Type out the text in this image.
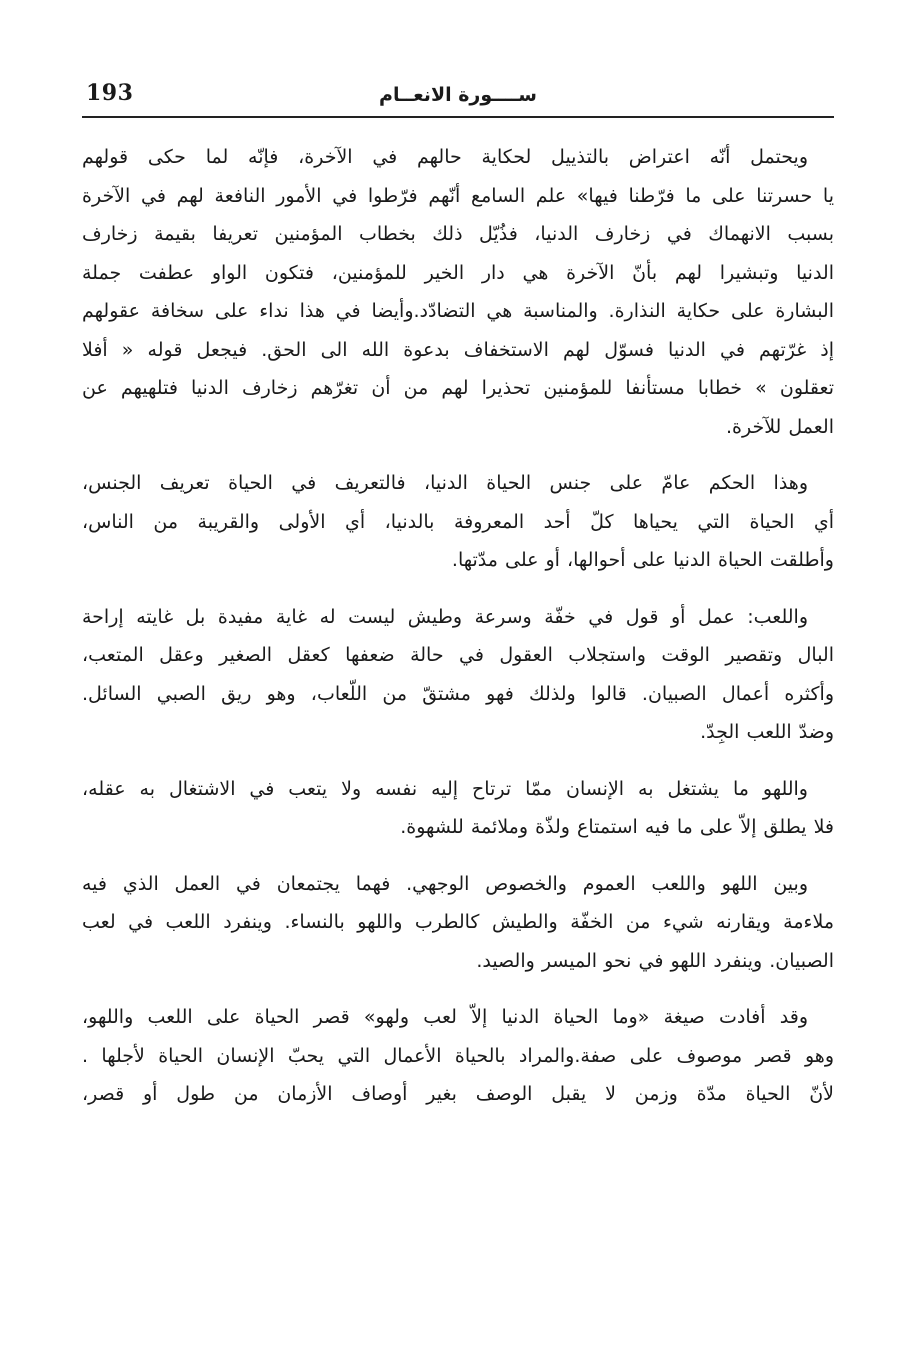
193	ســــورة الانعــام

ويحتمل أنّه اعتراض بالتذييل لحكاية حالهم في الآخرة، فإنّه لما حكى قولهم
يا حسرتنا على ما فرّطنا فيها» علم السامع أنّهم فرّطوا في الأمور النافعة لهم في الآخرة
بسبب الانهماك في زخارف الدنيا، فذُيّل ذلك بخطاب المؤمنين تعريفا بقيمة زخارف
الدنيا وتبشيرا لهم بأنّ الآخرة هي دار الخير للمؤمنين، فتكون الواو عطفت جملة
البشارة على حكاية النذارة. والمناسبة هي التضادّد.وأيضا في هذا نداء على سخافة عقولهم
إذ غرّتهم في الدنيا فسوّل لهم الاستخفاف بدعوة الله الى الحق. فيجعل قوله « أفلا
تعقلون » خطابا مستأنفا للمؤمنين تحذيرا لهم من أن تغرّهم زخارف الدنيا فتلهيهم عن
العمل للآخرة.

وهذا الحكم عامّ على جنس الحياة الدنيا، فالتعريف في الحياة تعريف الجنس،
أي الحياة التي يحياها كلّ أحد المعروفة بالدنيا، أي الأولى والقريبة من الناس،
وأطلقت الحياة الدنيا على أحوالها، أو على مدّتها.

واللعب: عمل أو قول في خفّة وسرعة وطيش ليست له غاية مفيدة بل غايته إراحة
البال وتقصير الوقت واستجلاب العقول في حالة ضعفها كعقل الصغير وعقل المتعب،
وأكثره أعمال الصبيان. قالوا ولذلك فهو مشتقّ من اللّعاب، وهو ريق الصبي السائل.
وضدّ اللعب الجِدّ.

واللهو ما يشتغل به الإنسان ممّا ترتاح إليه نفسه ولا يتعب في الاشتغال به عقله،
فلا يطلق إلاّ على ما فيه استمتاع ولذّة وملائمة للشهوة.

وبين اللهو واللعب العموم والخصوص الوجهي. فهما يجتمعان في العمل الذي فيه
ملاءمة ويقارنه شيء من الخفّة والطيش كالطرب واللهو بالنساء. وينفرد اللعب في لعب
الصبيان. وينفرد اللهو في نحو الميسر والصيد.

وقد أفادت صيغة «وما الحياة الدنيا إلاّ لعب ولهو» قصر الحياة على اللعب واللهو،
وهو قصر موصوف على صفة.والمراد بالحياة الأعمال التي يحبّ الإنسان الحياة لأجلها .
لأنّ الحياة مدّة وزمن لا يقبل الوصف بغير أوصاف الأزمان من طول أو قصر،
